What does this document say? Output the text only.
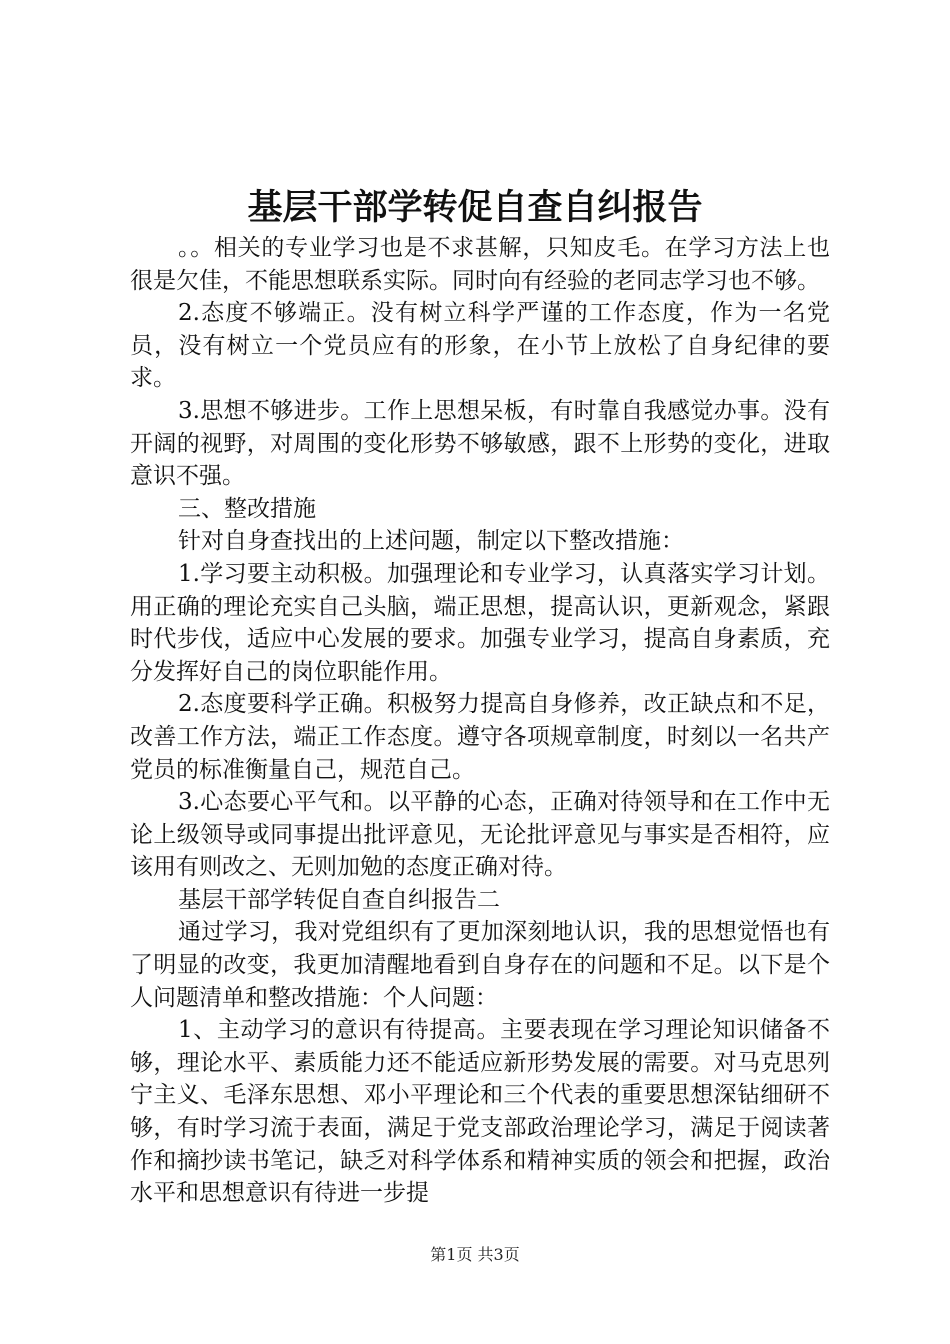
基层干部学转促自查自纠报告

。。相关的专业学习也是不求甚解，只知皮毛。在学习方法上也很是欠佳，不能思想联系实际。同时向有经验的老同志学习也不够。

2.态度不够端正。没有树立科学严谨的工作态度，作为一名党员，没有树立一个党员应有的形象，在小节上放松了自身纪律的要求。

3.思想不够进步。工作上思想呆板，有时靠自我感觉办事。没有开阔的视野，对周围的变化形势不够敏感，跟不上形势的变化，进取意识不强。

三、整改措施

针对自身查找出的上述问题，制定以下整改措施：

1.学习要主动积极。加强理论和专业学习，认真落实学习计划。用正确的理论充实自己头脑，端正思想，提高认识，更新观念，紧跟时代步伐，适应中心发展的要求。加强专业学习，提高自身素质，充分发挥好自己的岗位职能作用。

2.态度要科学正确。积极努力提高自身修养，改正缺点和不足，改善工作方法，端正工作态度。遵守各项规章制度，时刻以一名共产党员的标准衡量自己，规范自己。

3.心态要心平气和。以平静的心态，正确对待领导和在工作中无论上级领导或同事提出批评意见，无论批评意见与事实是否相符，应该用有则改之、无则加勉的态度正确对待。

基层干部学转促自查自纠报告二

通过学习，我对党组织有了更加深刻地认识，我的思想觉悟也有了明显的改变，我更加清醒地看到自身存在的问题和不足。以下是个人问题清单和整改措施：个人问题：

1、主动学习的意识有待提高。主要表现在学习理论知识储备不够，理论水平、素质能力还不能适应新形势发展的需要。对马克思列宁主义、毛泽东思想、邓小平理论和三个代表的重要思想深钻细研不够，有时学习流于表面，满足于党支部政治理论学习，满足于阅读著作和摘抄读书笔记，缺乏对科学体系和精神实质的领会和把握，政治水平和思想意识有待进一步提

第1页 共3页
